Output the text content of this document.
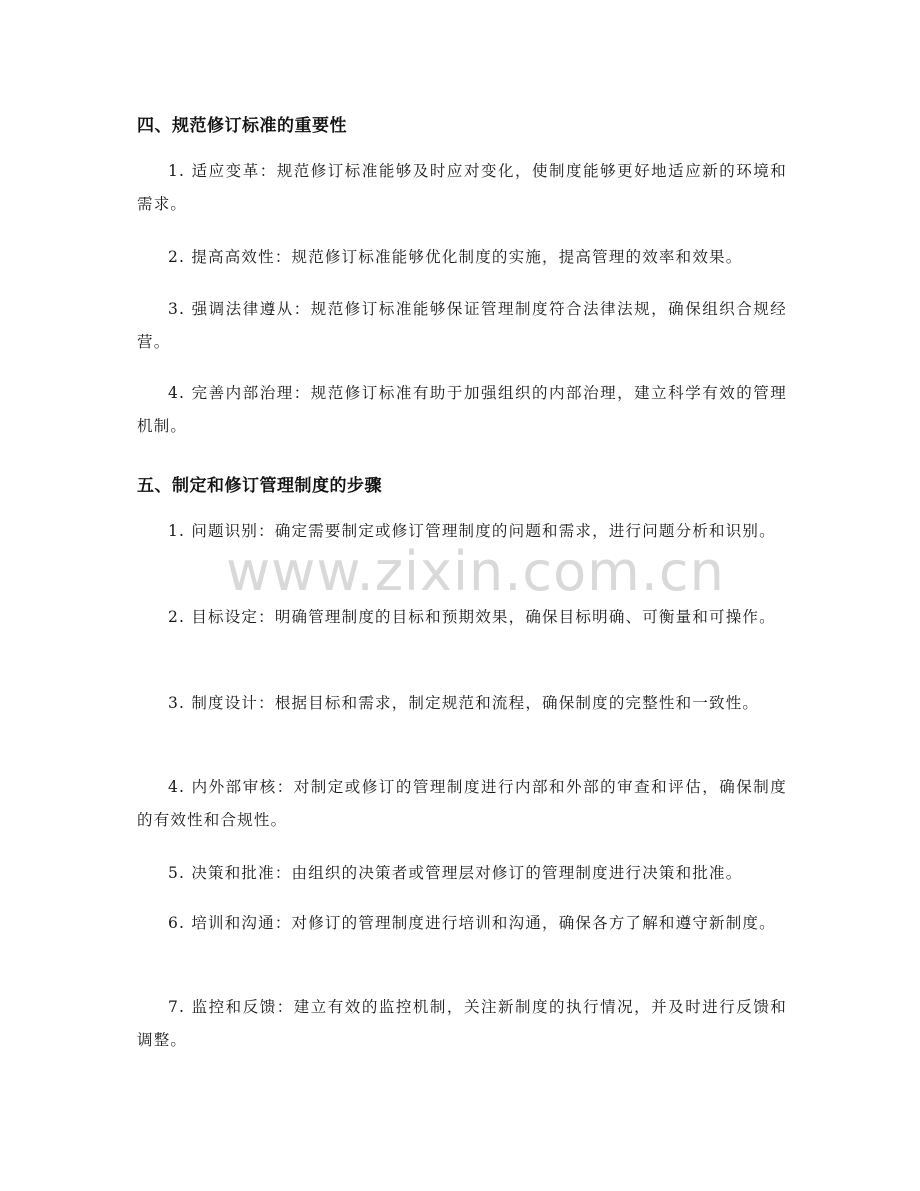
www.zixin.com.cn
四、规范修订标准的重要性

1. 适应变革：规范修订标准能够及时应对变化，使制度能够更好地适应新的环境和需求。

2. 提高高效性：规范修订标准能够优化制度的实施，提高管理的效率和效果。

3. 强调法律遵从：规范修订标准能够保证管理制度符合法律法规，确保组织合规经营。

4. 完善内部治理：规范修订标准有助于加强组织的内部治理，建立科学有效的管理机制。

五、制定和修订管理制度的步骤

1. 问题识别：确定需要制定或修订管理制度的问题和需求，进行问题分析和识别。

2. 目标设定：明确管理制度的目标和预期效果，确保目标明确、可衡量和可操作。

3. 制度设计：根据目标和需求，制定规范和流程，确保制度的完整性和一致性。

4. 内外部审核：对制定或修订的管理制度进行内部和外部的审查和评估，确保制度的有效性和合规性。

5. 决策和批准：由组织的决策者或管理层对修订的管理制度进行决策和批准。

6. 培训和沟通：对修订的管理制度进行培训和沟通，确保各方了解和遵守新制度。

7. 监控和反馈：建立有效的监控机制，关注新制度的执行情况，并及时进行反馈和调整。
